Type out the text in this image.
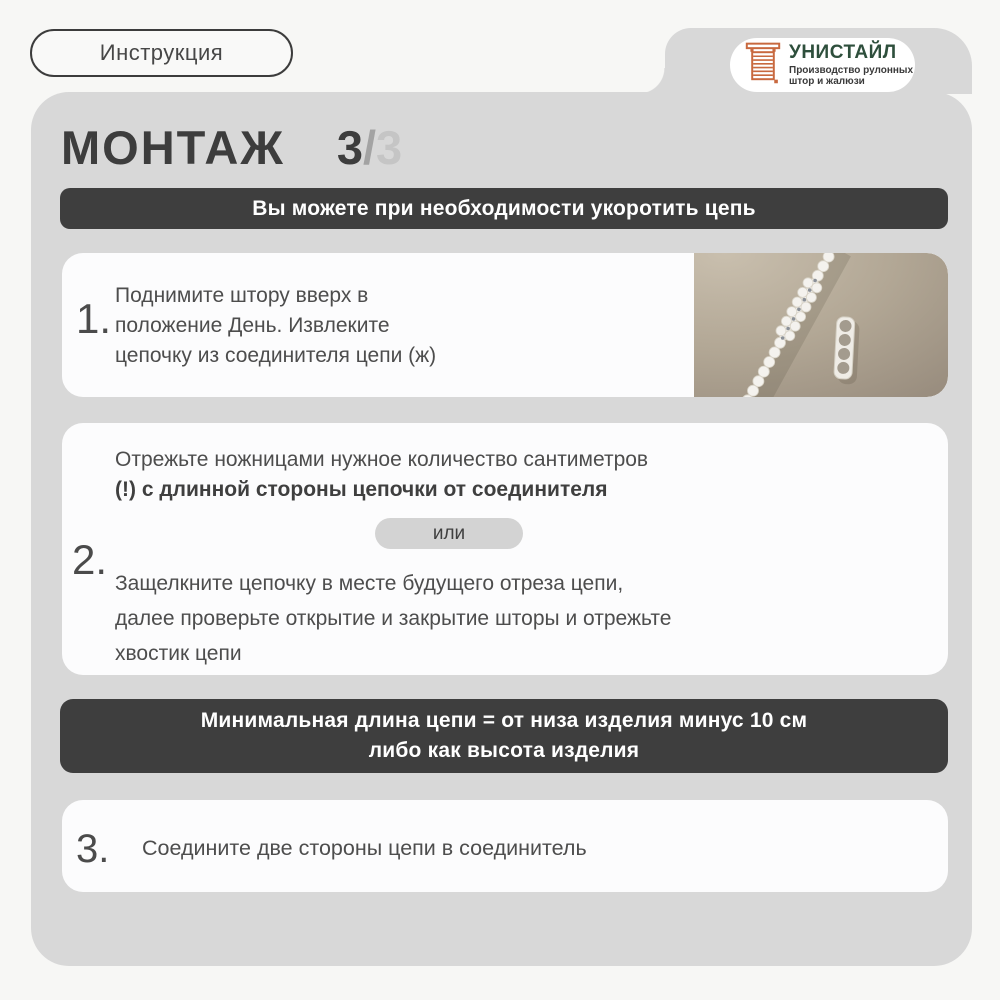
Инструкция	УНИСТАЙЛ
Производство рулонных
штор и жалюзи
МОНТАЖ 3/3
Вы можете при необходимости укоротить цепь
1. Поднимите штору вверх в
положение День. Извлеките
цепочку из соединителя цепи (ж)
Отрежьте ножницами нужное количество сантиметров
(!) с длинной стороны цепочки от соединителя
или
2.
Защелкните цепочку в месте будущего отреза цепи,
далее проверьте открытие и закрытие шторы и отрежьте
хвостик цепи
Минимальная длина цепи = от низа изделия минус 10 см
либо как высота изделия
3. Соедините две стороны цепи в соединитель
